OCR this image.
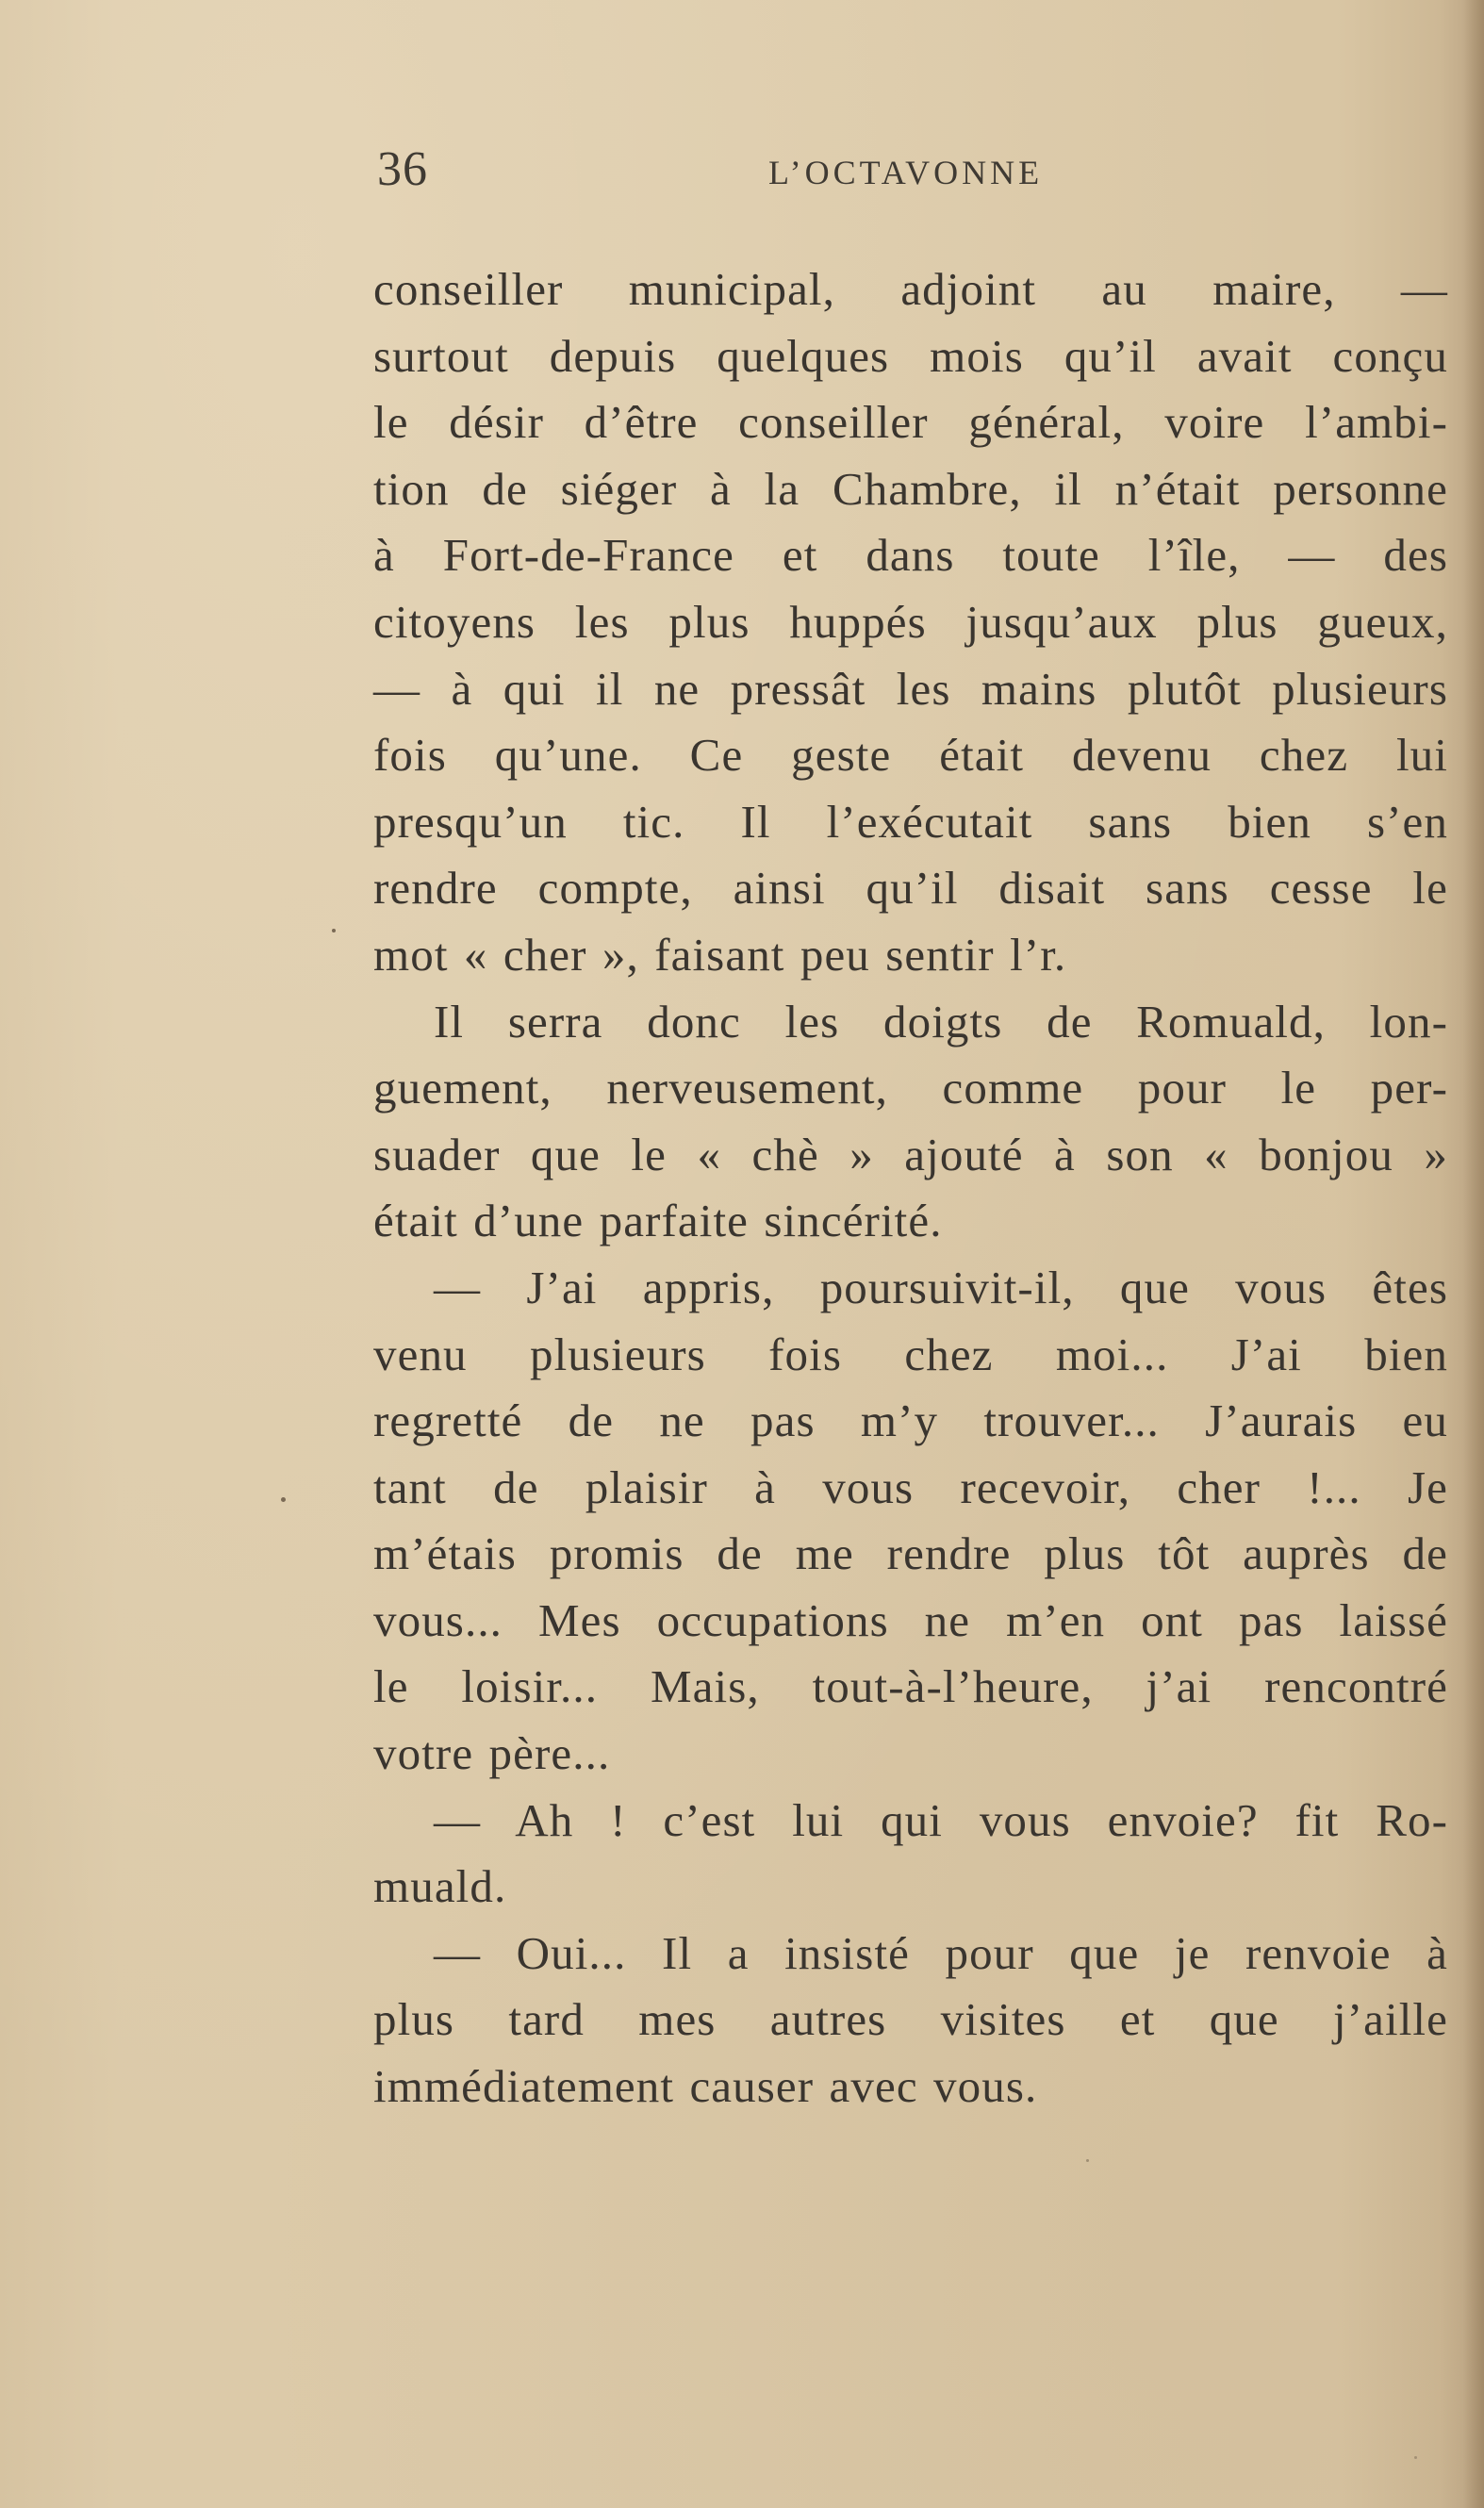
36	L’OCTAVONNE
conseiller municipal, adjoint au maire, —
surtout depuis quelques mois qu’il avait conçu
le désir d’être conseiller général, voire l’ambi-
tion de siéger à la Chambre, il n’était personne
à Fort-de-France et dans toute l’île, — des
citoyens les plus huppés jusqu’aux plus gueux,
— à qui il ne pressât les mains plutôt plusieurs
fois qu’une. Ce geste était devenu chez lui
presqu’un tic. Il l’exécutait sans bien s’en
rendre compte, ainsi qu’il disait sans cesse le
mot « cher », faisant peu sentir l’r.
Il serra donc les doigts de Romuald, lon-
guement, nerveusement, comme pour le per-
suader que le « chè » ajouté à son « bonjou »
était d’une parfaite sincérité.
— J’ai appris, poursuivit-il, que vous êtes
venu plusieurs fois chez moi... J’ai bien
regretté de ne pas m’y trouver... J’aurais eu
tant de plaisir à vous recevoir, cher !... Je
m’étais promis de me rendre plus tôt auprès de
vous... Mes occupations ne m’en ont pas laissé
le loisir... Mais, tout-à-l’heure, j’ai rencontré
votre père...
— Ah ! c’est lui qui vous envoie? fit Ro-
muald.
— Oui... Il a insisté pour que je renvoie à
plus tard mes autres visites et que j’aille
immédiatement causer avec vous.
